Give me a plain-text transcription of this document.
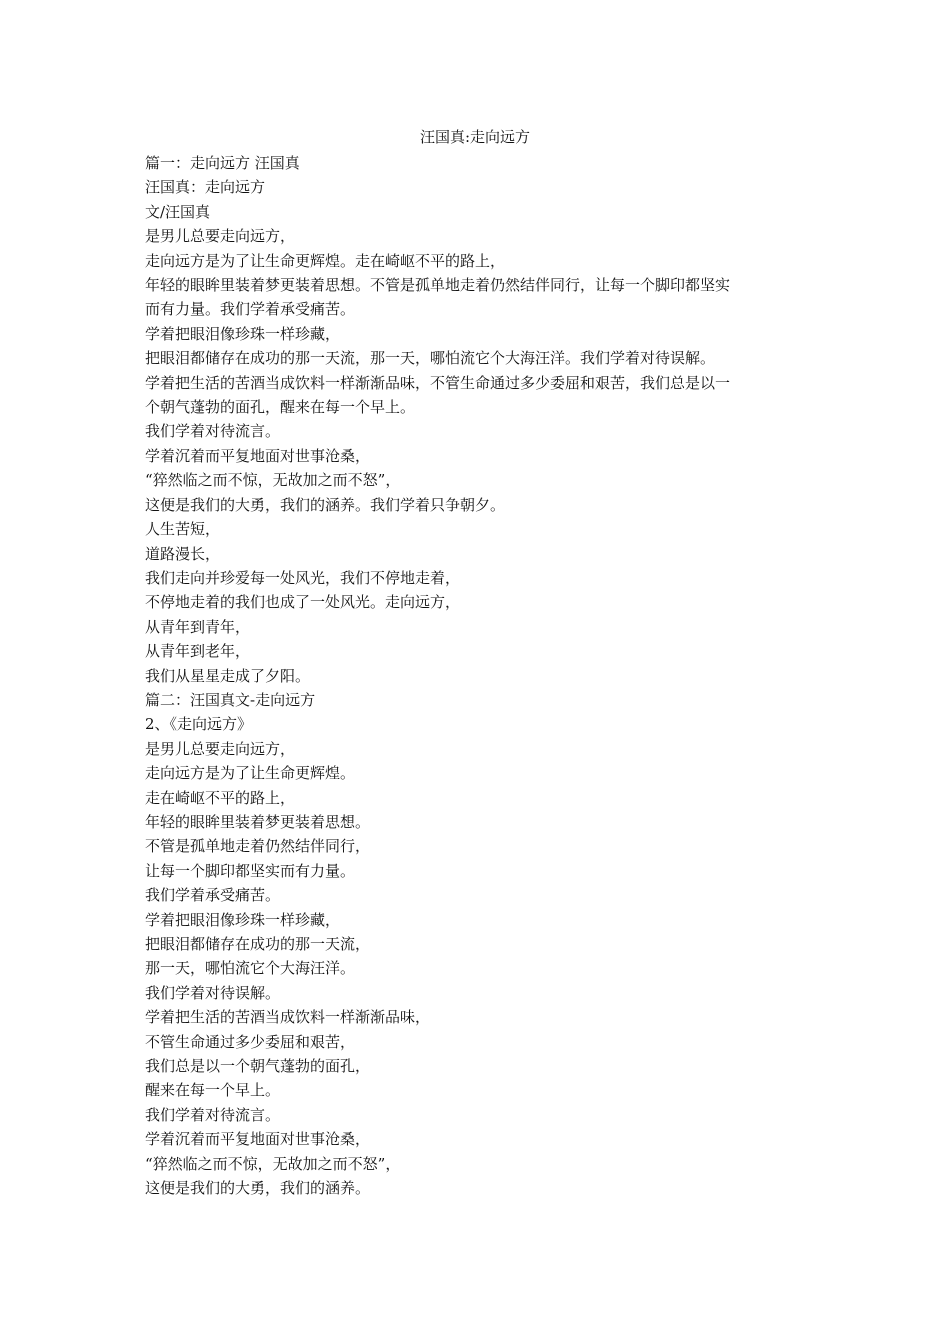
汪国真:走向远方
篇一：走向远方 汪国真
汪国真：走向远方
文/汪国真
是男儿总要走向远方，
走向远方是为了让生命更辉煌。走在崎岖不平的路上，
年轻的眼眸里装着梦更装着思想。不管是孤单地走着仍然结伴同行，让每一个脚印都坚实
而有力量。我们学着承受痛苦。
学着把眼泪像珍珠一样珍藏，
把眼泪都储存在成功的那一天流，那一天，哪怕流它个大海汪洋。我们学着对待误解。
学着把生活的苦酒当成饮料一样渐渐品味，不管生命通过多少委屈和艰苦，我们总是以一
个朝气蓬勃的面孔，醒来在每一个早上。
我们学着对待流言。
学着沉着而平复地面对世事沧桑，
“猝然临之而不惊，无故加之而不怒”，
这便是我们的大勇，我们的涵养。我们学着只争朝夕。
人生苦短，
道路漫长，
我们走向并珍爱每一处风光，我们不停地走着，
不停地走着的我们也成了一处风光。走向远方，
从青年到青年，
从青年到老年，
我们从星星走成了夕阳。
篇二：汪国真文-走向远方
2、《走向远方》
是男儿总要走向远方，
走向远方是为了让生命更辉煌。
走在崎岖不平的路上，
年轻的眼眸里装着梦更装着思想。
不管是孤单地走着仍然结伴同行，
让每一个脚印都坚实而有力量。
我们学着承受痛苦。
学着把眼泪像珍珠一样珍藏，
把眼泪都储存在成功的那一天流，
那一天，哪怕流它个大海汪洋。
我们学着对待误解。
学着把生活的苦酒当成饮料一样渐渐品味，
不管生命通过多少委屈和艰苦，
我们总是以一个朝气蓬勃的面孔，
醒来在每一个早上。
我们学着对待流言。
学着沉着而平复地面对世事沧桑，
“猝然临之而不惊，无故加之而不怒”，
这便是我们的大勇，我们的涵养。
